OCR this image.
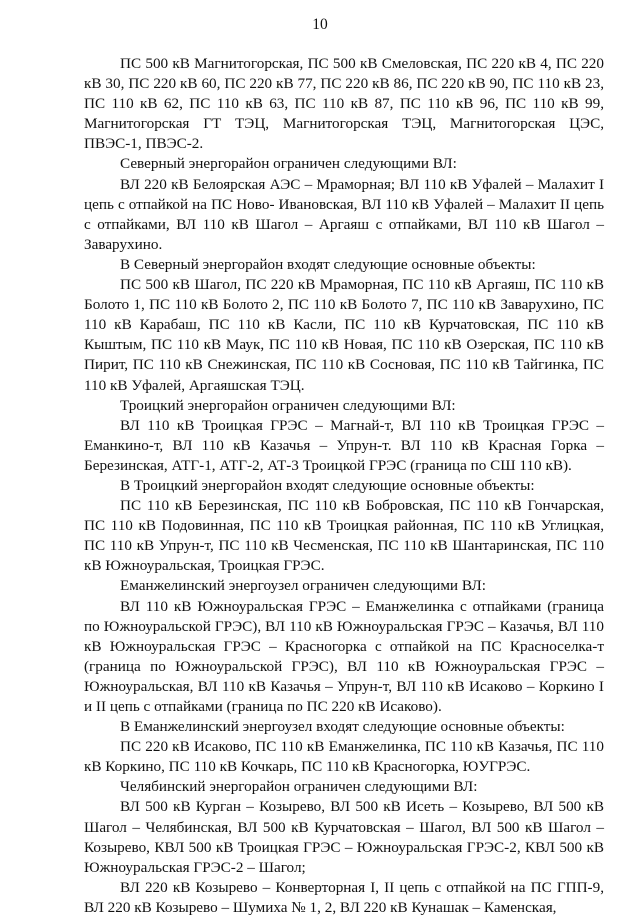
10

ПС 500 кВ Магнитогорская, ПС 500 кВ Смеловская, ПС 220 кВ 4, ПС 220 кВ 30, ПС 220 кВ 60, ПС 220 кВ 77, ПС 220 кВ 86, ПС 220 кВ 90, ПС 110 кВ 23, ПС 110 кВ 62, ПС 110 кВ 63, ПС 110 кВ 87, ПС 110 кВ 96, ПС 110 кВ 99, Магнитогорская ГТ ТЭЦ, Магнитогорская ТЭЦ, Магнитогорская ЦЭС, ПВЭС-1, ПВЭС-2.

Северный энергорайон ограничен следующими ВЛ:

ВЛ 220 кВ Белоярская АЭС – Мраморная; ВЛ 110 кВ Уфалей – Малахит I цепь с отпайкой на ПС Ново- Ивановская, ВЛ 110 кВ Уфалей – Малахит II цепь с отпайками, ВЛ 110 кВ Шагол – Аргаяш с отпайками, ВЛ 110 кВ Шагол – Заварухино.

В Северный энергорайон входят следующие основные объекты:

ПС 500 кВ Шагол, ПС 220 кВ Мраморная, ПС 110 кВ Аргаяш, ПС 110 кВ Болото 1, ПС 110 кВ Болото 2, ПС 110 кВ Болото 7, ПС 110 кВ Заварухино, ПС 110 кВ Карабаш, ПС 110 кВ Касли, ПС 110 кВ Курчатовская, ПС 110 кВ Кыштым, ПС 110 кВ Маук, ПС 110 кВ Новая, ПС 110 кВ Озерская, ПС 110 кВ Пирит, ПС 110 кВ Снежинская, ПС 110 кВ Сосновая, ПС 110 кВ Тайгинка, ПС 110 кВ Уфалей, Аргаяшская ТЭЦ.

Троицкий энергорайон ограничен следующими ВЛ:

ВЛ 110 кВ Троицкая ГРЭС – Магнай-т, ВЛ 110 кВ Троицкая ГРЭС – Еманкино-т, ВЛ 110 кВ Казачья – Упрун-т. ВЛ 110 кВ Красная Горка – Березинская, АТГ-1, АТГ-2, АТ-3 Троицкой ГРЭС (граница по СШ 110 кВ).

В Троицкий энергорайон входят следующие основные объекты:

ПС 110 кВ Березинская, ПС 110 кВ Бобровская, ПС 110 кВ Гончарская, ПС 110 кВ Подовинная, ПС 110 кВ Троицкая районная, ПС 110 кВ Углицкая, ПС 110 кВ Упрун-т, ПС 110 кВ Чесменская, ПС 110 кВ Шантаринская, ПС 110 кВ Южноуральская, Троицкая ГРЭС.

Еманжелинский энергоузел ограничен следующими ВЛ:

ВЛ 110 кВ Южноуральская ГРЭС – Еманжелинка с отпайками (граница по Южноуральской ГРЭС), ВЛ 110 кВ Южноуральская ГРЭС – Казачья, ВЛ 110 кВ Южноуральская ГРЭС – Красногорка с отпайкой на ПС Красноселка-т (граница по Южноуральской ГРЭС), ВЛ 110 кВ Южноуральская ГРЭС – Южноуральская, ВЛ 110 кВ Казачья – Упрун-т, ВЛ 110 кВ Исаково – Коркино I и II цепь с отпайками (граница по ПС 220 кВ Исаково).

В Еманжелинский энергоузел входят следующие основные объекты:

ПС 220 кВ Исаково, ПС 110 кВ Еманжелинка, ПС 110 кВ Казачья, ПС 110 кВ Коркино, ПС 110 кВ Кочкарь, ПС 110 кВ Красногорка, ЮУГРЭС.

Челябинский энергорайон ограничен следующими ВЛ:

ВЛ 500 кВ Курган – Козырево, ВЛ 500 кВ Исеть – Козырево, ВЛ 500 кВ Шагол – Челябинская, ВЛ 500 кВ Курчатовская – Шагол, ВЛ 500 кВ Шагол – Козырево, КВЛ 500 кВ Троицкая ГРЭС – Южноуральская ГРЭС-2, КВЛ 500 кВ Южноуральская ГРЭС-2 – Шагол;

ВЛ 220 кВ Козырево – Конверторная I, II цепь с отпайкой на ПС ГПП-9, ВЛ 220 кВ Козырево – Шумиха № 1, 2, ВЛ 220 кВ Кунашак – Каменская,
